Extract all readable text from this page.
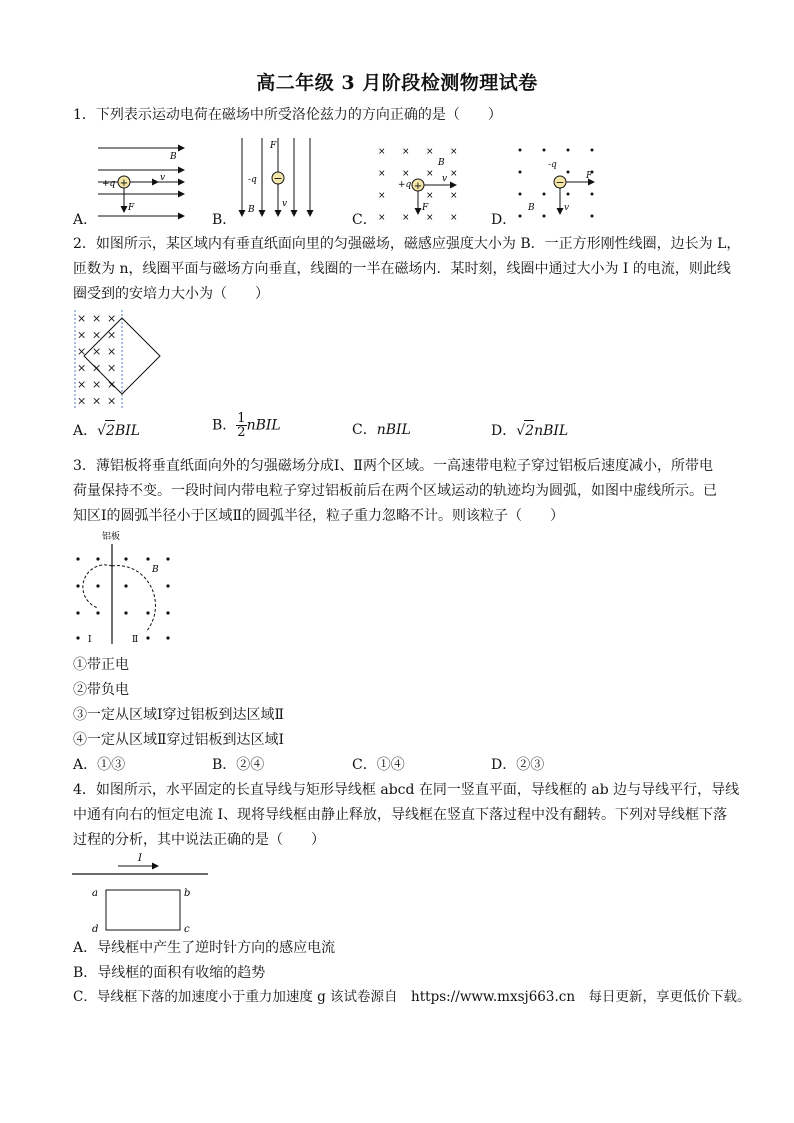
高二年级 3 月阶段检测物理试卷
1．下列表示运动电荷在磁场中所受洛伦兹力的方向正确的是（　　）
+
+q
v
F
B
−
-q
F
v
B
× × × ×
× × × ×
×	× ×
× × × ×
+
+q
v
F
B
−
-q
F
v
B
A．	B．	C．	D．
2．如图所示，某区域内有垂直纸面向里的匀强磁场，磁感应强度大小为 B．一正方形刚性线圈，边长为 L，
匝数为 n，线圈平面与磁场方向垂直，线圈的一半在磁场内．某时刻，线圈中通过大小为 I 的电流，则此线
圈受到的安培力大小为（　　）
× × ×
× × ×
× × ×
× × ×
× × ×
× × ×
A．√2BIL	B． $\frac{1}{2}$ nBIL	C．nBIL	D．√2nBIL
3．薄铝板将垂直纸面向外的匀强磁场分成Ⅰ、Ⅱ两个区域。一高速带电粒子穿过铝板后速度减小，所带电
荷量保持不变。一段时间内带电粒子穿过铝板前后在两个区域运动的轨迹均为圆弧，如图中虚线所示。已
知区Ⅰ的圆弧半径小于区域Ⅱ的圆弧半径，粒子重力忽略不计。则该粒子（　　）
铝板
B
Ⅰ	Ⅱ
①带正电
②带负电
③一定从区域Ⅰ穿过铝板到达区域Ⅱ
④一定从区域Ⅱ穿过铝板到达区域Ⅰ
A．①③	B．②④	C．①④	D．②③
4．如图所示，水平固定的长直导线与矩形导线框 abcd 在同一竖直平面，导线框的 ab 边与导线平行，导线
中通有向右的恒定电流 I、现将导线框由静止释放，导线框在竖直下落过程中没有翻转。下列对导线框下落
过程的分析，其中说法正确的是（　　）
I
a	b
c
d
A．导线框中产生了逆时针方向的感应电流
B．导线框的面积有收缩的趋势
C．导线框下落的加速度小于重力加速度 g 该试卷源自　https://www.mxsj663.cn　每日更新，享更低价下载。
